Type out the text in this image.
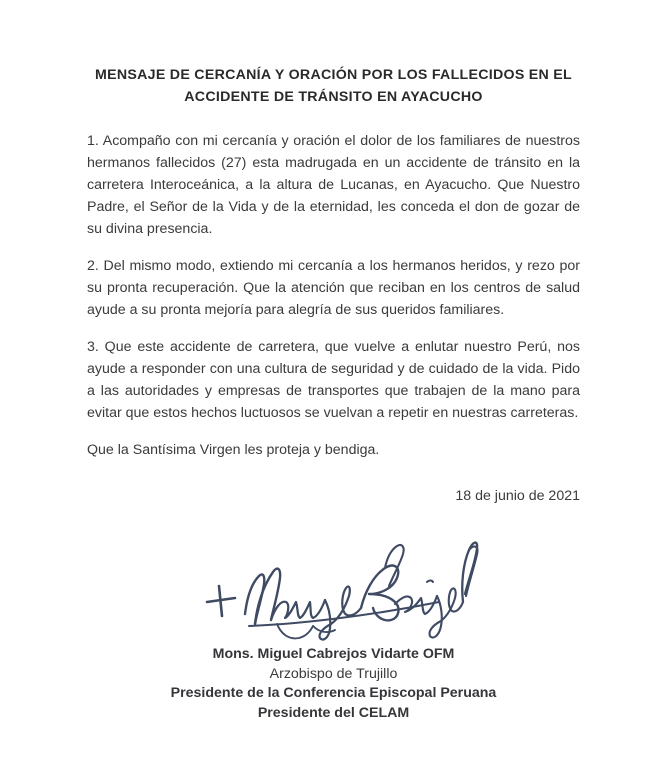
MENSAJE DE CERCANÍA Y ORACIÓN POR LOS FALLECIDOS EN EL
ACCIDENTE DE TRÁNSITO EN AYACUCHO

1. Acompaño con mi cercanía y oración el dolor de los familiares de nuestros hermanos fallecidos (27) esta madrugada en un accidente de tránsito en la carretera Interoceánica, a la altura de Lucanas, en Ayacucho. Que Nuestro Padre, el Señor de la Vida y de la eternidad, les conceda el don de gozar de su divina presencia.

2. Del mismo modo, extiendo mi cercanía a los hermanos heridos, y rezo por su pronta recuperación. Que la atención que reciban en los centros de salud ayude a su pronta mejoría para alegría de sus queridos familiares.

3. Que este accidente de carretera, que vuelve a enlutar nuestro Perú, nos ayude a responder con una cultura de seguridad y de cuidado de la vida. Pido a las autoridades y empresas de transportes que trabajen de la mano para evitar que estos hechos luctuosos se vuelvan a repetir en nuestras carreteras.

Que la Santísima Virgen les proteja y bendiga.
18 de junio de 2021
Mons. Miguel Cabrejos Vidarte OFM
Arzobispo de Trujillo
Presidente de la Conferencia Episcopal Peruana
Presidente del CELAM
